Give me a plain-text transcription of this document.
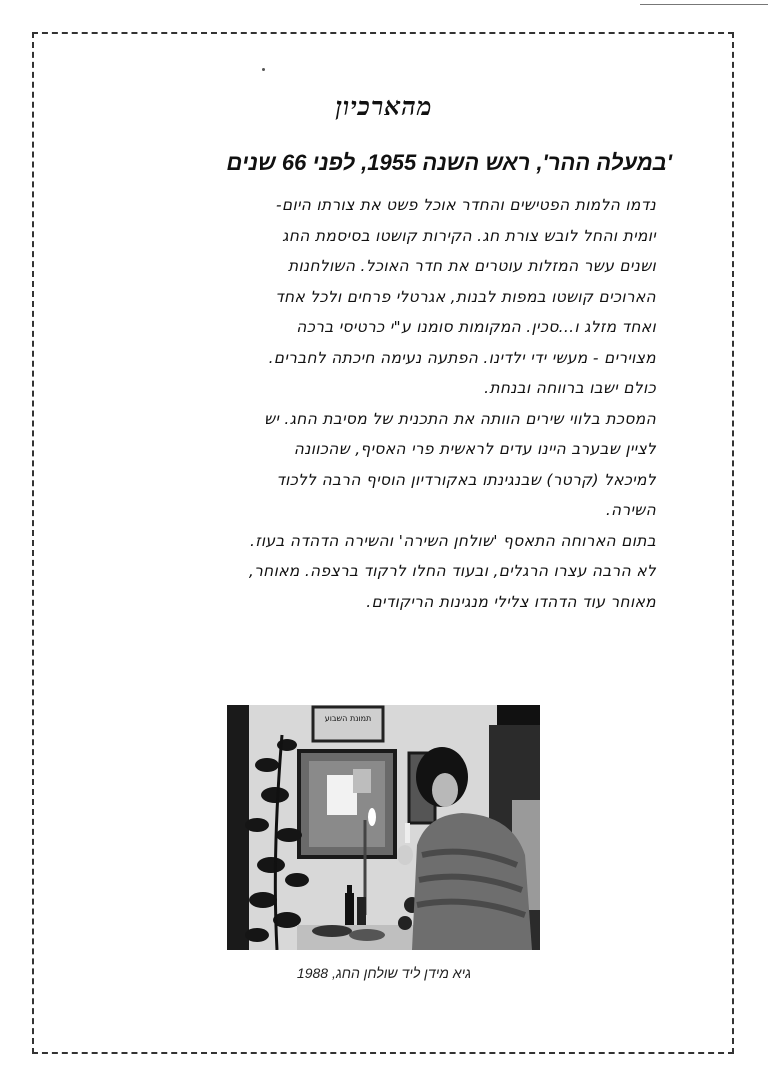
מהארכיון
'במעלה ההר', ראש השנה 1955, לפני 66 שנים
נדמו הלמות הפטישים והחדר אוכל פשט את צורתו היום-
יומית והחל לובש צורת חג. הקירות קושטו בסיסמת החג
ושנים עשר המזלות עוטרים את חדר האוכל. השולחנות
הארוכים קושטו במפות לבנות, אגרטלי פרחים ולכל אחד
ואחד מזלג ו...סכין. המקומות סומנו ע"י כרטיסי ברכה
מצוירים - מעשי ידי ילדינו. הפתעה נעימה חיכתה לחברים.
כולם ישבו ברווחה ובנחת.
המסכת בלווי שירים הוותה את התכנית של מסיבת החג. יש
לציין שבערב היינו עדים לראשית פרי האסיף, שהכוונה
למיכאל (קרטר) שבנגינתו באקורדיון הוסיף הרבה ללכוד
השירה.
בתום הארוחה התאסף 'שולחן השירה' והשירה הדהדה בעוז.
לא הרבה עצרו הרגלים, ובעוד החלו לרקוד ברצפה. מאוחר,
מאוחר עוד הדהדו צלילי מנגינות הריקודים.
תמונת השבוע
גיא מידן ליד שולחן החג, 1988
